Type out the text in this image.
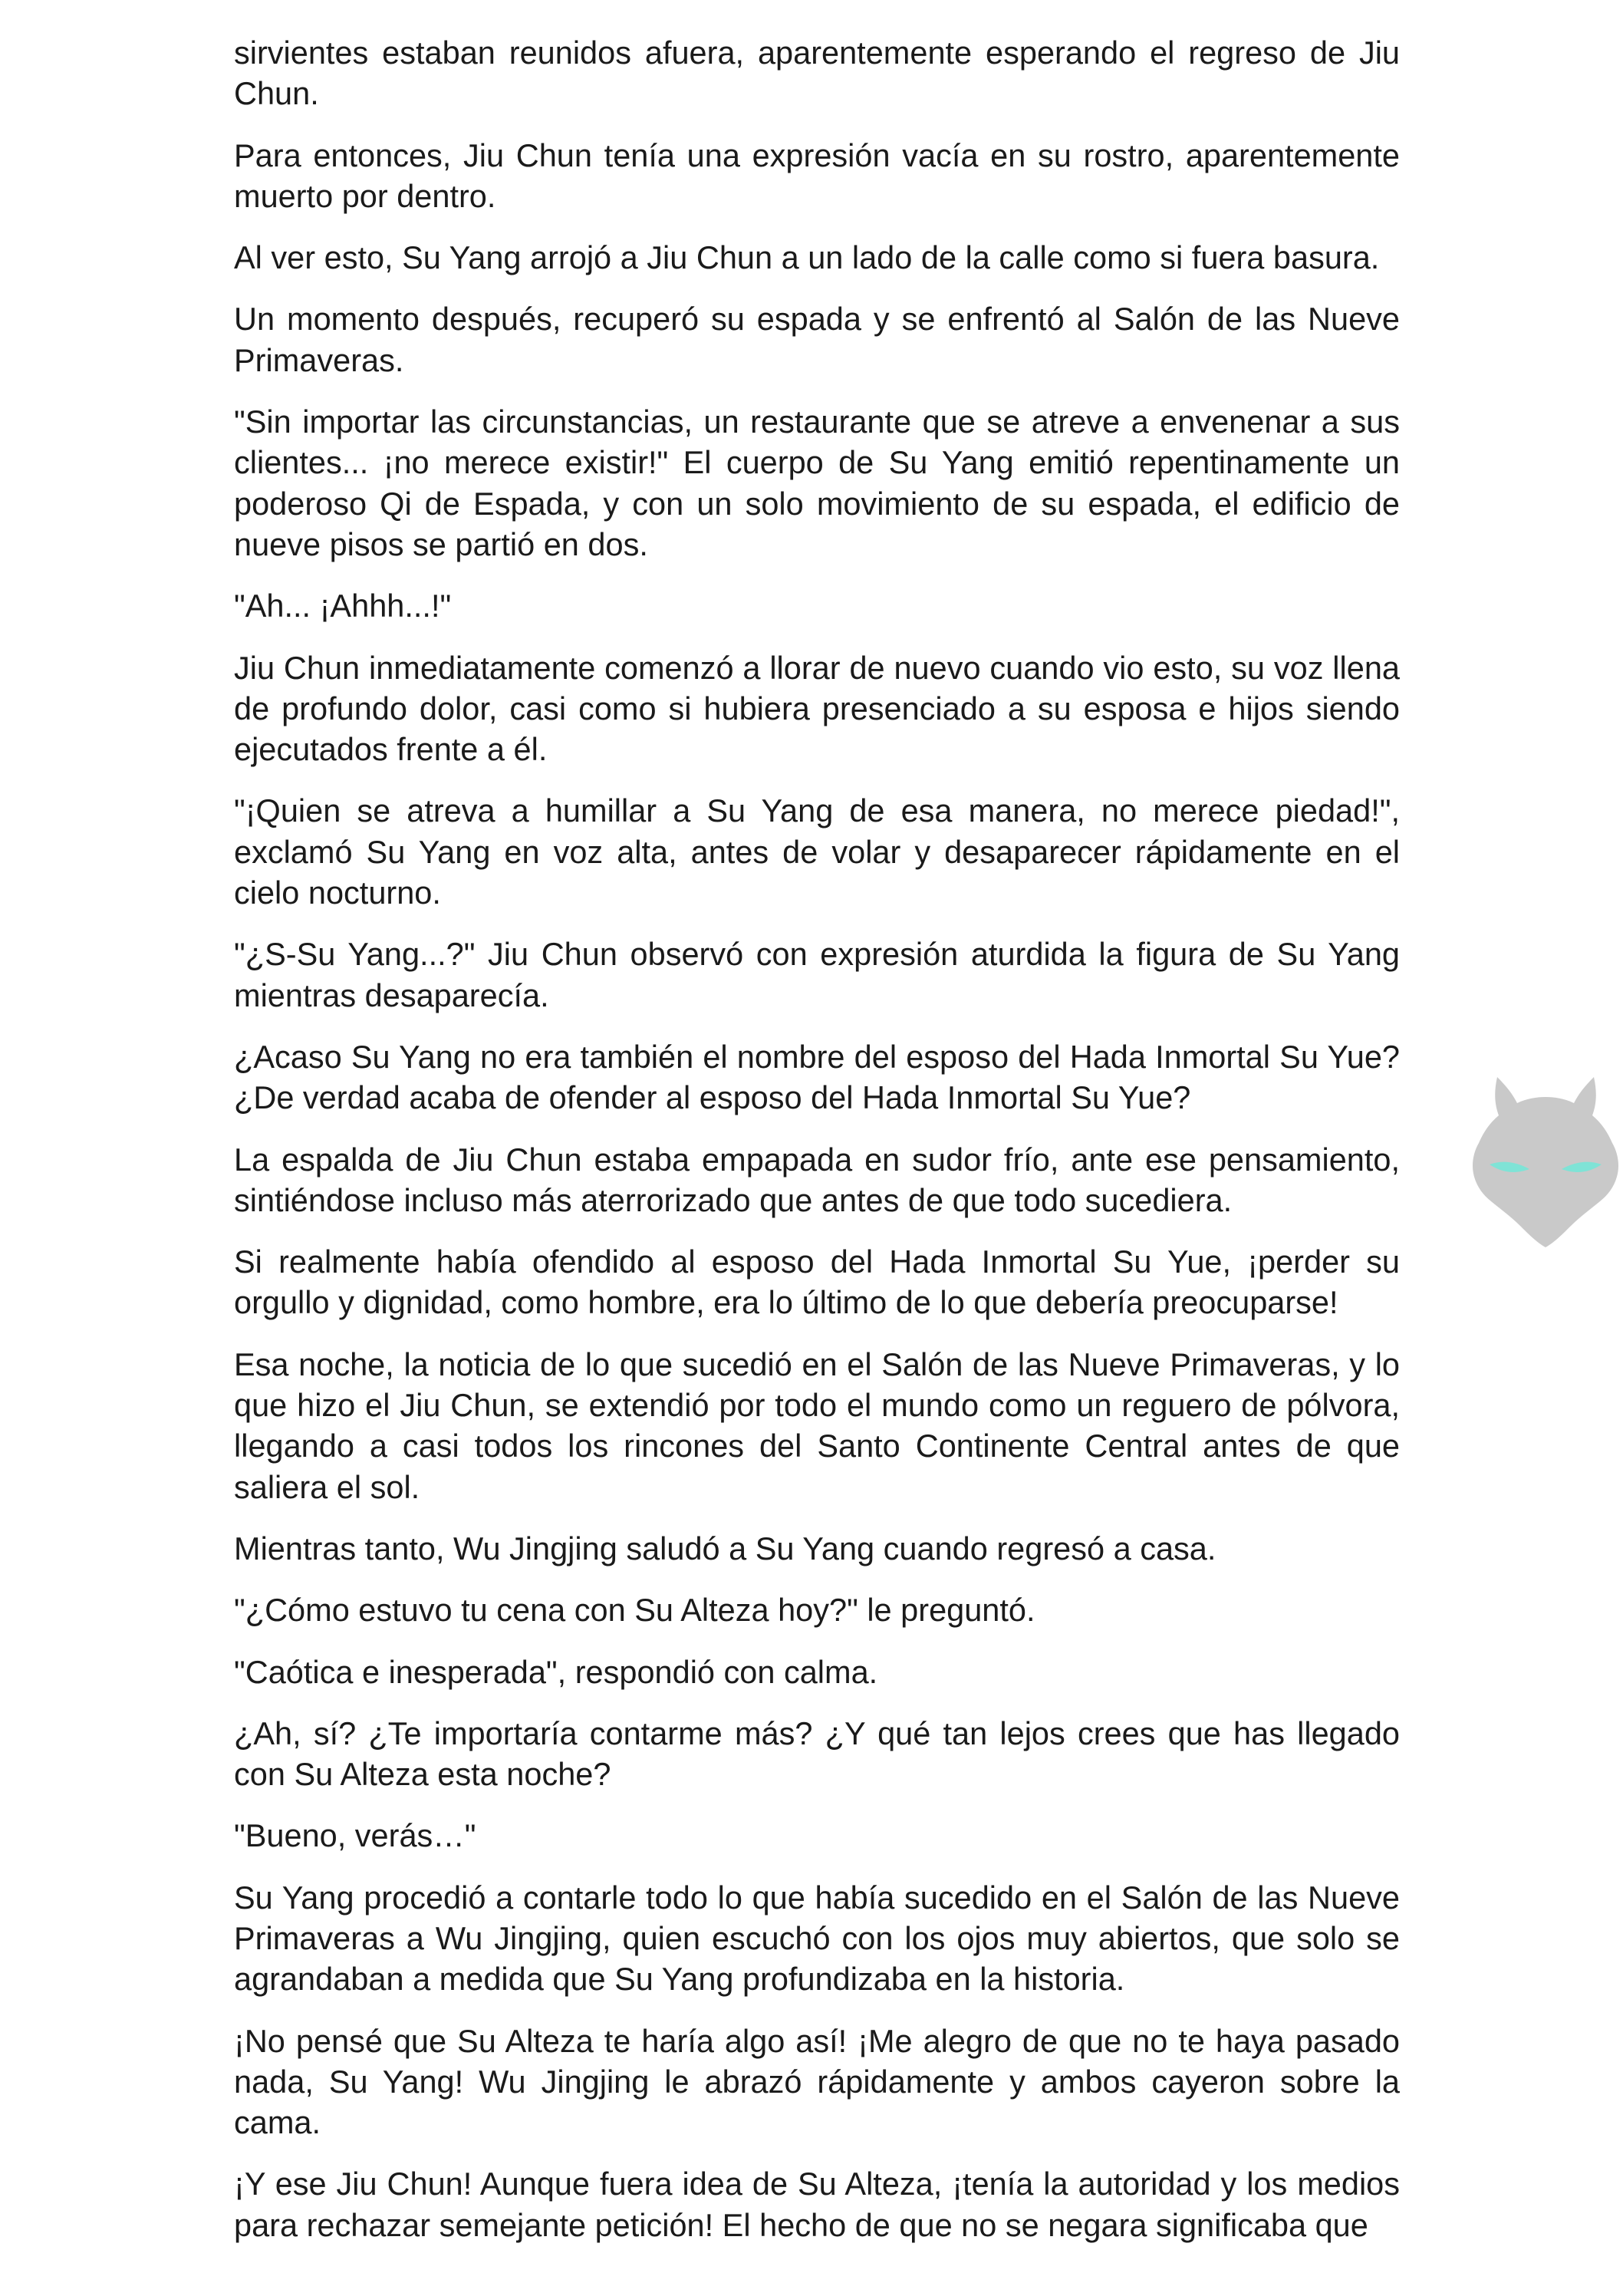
sirvientes estaban reunidos afuera, aparentemente esperando el regreso de Jiu Chun.

Para entonces, Jiu Chun tenía una expresión vacía en su rostro, aparentemente muerto por dentro.

Al ver esto, Su Yang arrojó a Jiu Chun a un lado de la calle como si fuera basura.

Un momento después, recuperó su espada y se enfrentó al Salón de las Nueve Primaveras.

"Sin importar las circunstancias, un restaurante que se atreve a envenenar a sus clientes... ¡no merece existir!" El cuerpo de Su Yang emitió repentinamente un poderoso Qi de Espada, y con un solo movimiento de su espada, el edificio de nueve pisos se partió en dos.

"Ah... ¡Ahhh...!"

Jiu Chun inmediatamente comenzó a llorar de nuevo cuando vio esto, su voz llena de profundo dolor, casi como si hubiera presenciado a su esposa e hijos siendo ejecutados frente a él.

"¡Quien se atreva a humillar a Su Yang de esa manera, no merece piedad!", exclamó Su Yang en voz alta, antes de volar y desaparecer rápidamente en el cielo nocturno.

"¿S-Su Yang...?" Jiu Chun observó con expresión aturdida la figura de Su Yang mientras desaparecía.

¿Acaso Su Yang no era también el nombre del esposo del Hada Inmortal Su Yue? ¿De verdad acaba de ofender al esposo del Hada Inmortal Su Yue?

La espalda de Jiu Chun estaba empapada en sudor frío, ante ese pensamiento, sintiéndose incluso más aterrorizado que antes de que todo sucediera.

Si realmente había ofendido al esposo del Hada Inmortal Su Yue, ¡perder su orgullo y dignidad, como hombre, era lo último de lo que debería preocuparse!

Esa noche, la noticia de lo que sucedió en el Salón de las Nueve Primaveras, y lo que hizo el Jiu Chun, se extendió por todo el mundo como un reguero de pólvora, llegando a casi todos los rincones del Santo Continente Central antes de que saliera el sol.

Mientras tanto, Wu Jingjing saludó a Su Yang cuando regresó a casa.

"¿Cómo estuvo tu cena con Su Alteza hoy?" le preguntó.

"Caótica e inesperada", respondió con calma.

¿Ah, sí? ¿Te importaría contarme más? ¿Y qué tan lejos crees que has llegado con Su Alteza esta noche?

"Bueno, verás…"

Su Yang procedió a contarle todo lo que había sucedido en el Salón de las Nueve Primaveras a Wu Jingjing, quien escuchó con los ojos muy abiertos, que solo se agrandaban a medida que Su Yang profundizaba en la historia.

¡No pensé que Su Alteza te haría algo así! ¡Me alegro de que no te haya pasado nada, Su Yang! Wu Jingjing le abrazó rápidamente y ambos cayeron sobre la cama.

¡Y ese Jiu Chun! Aunque fuera idea de Su Alteza, ¡tenía la autoridad y los medios para rechazar semejante petición! El hecho de que no se negara significaba que
